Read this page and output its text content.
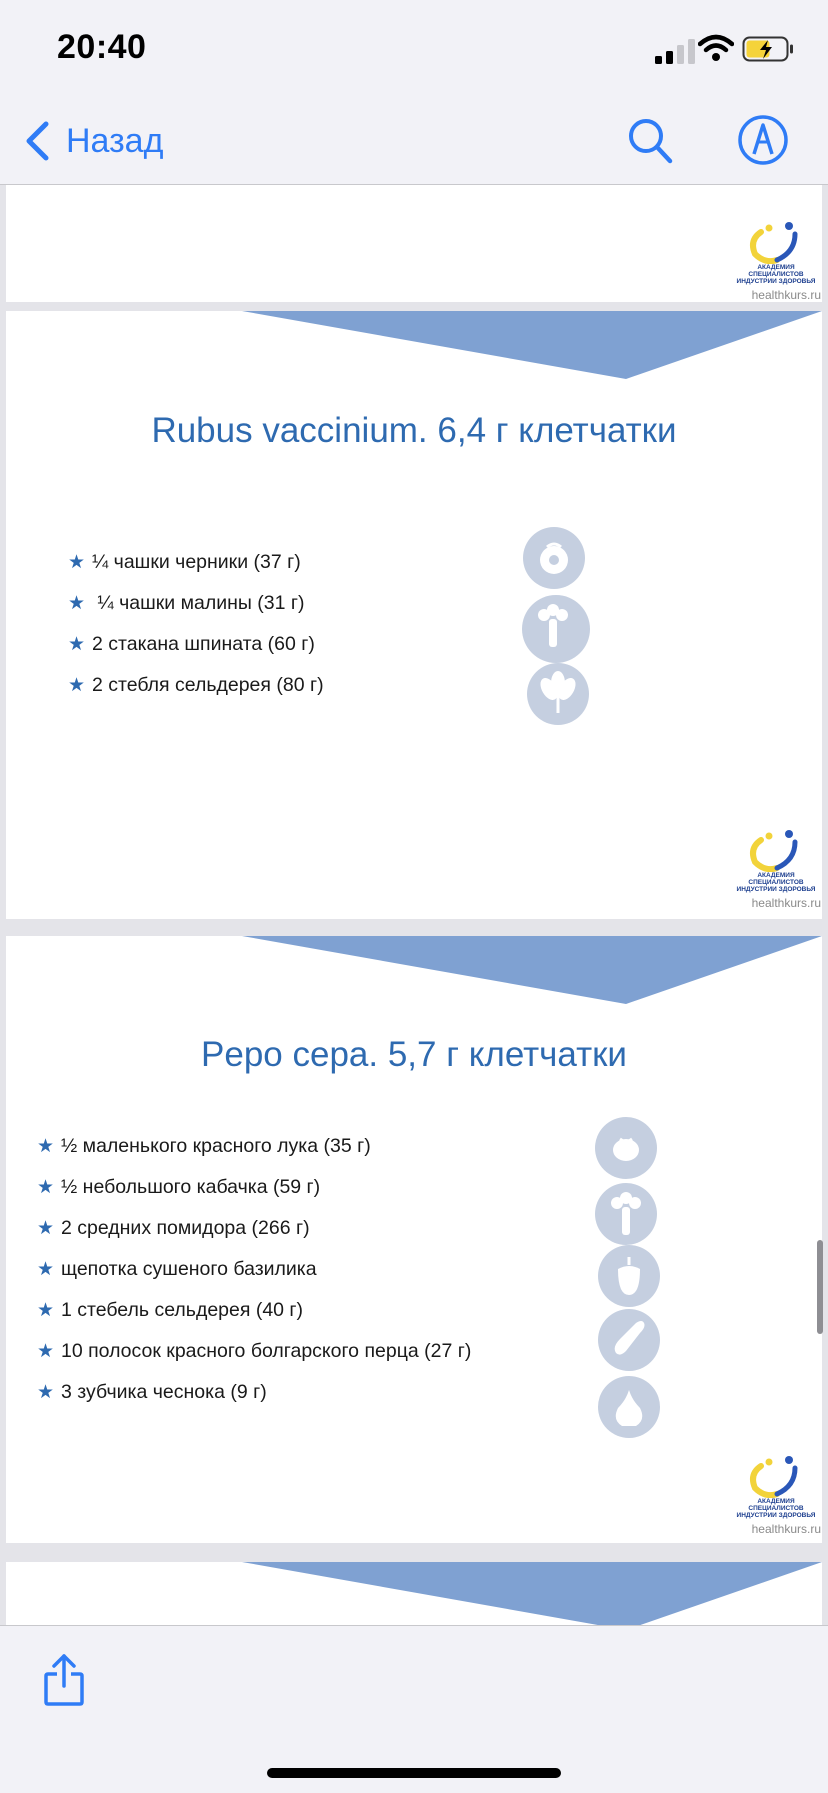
20:40
Назад
АКАДЕМИЯ СПЕЦИАЛИСТОВ
ИНДУСТРИИ ЗДОРОВЬЯ
healthkurs.ru
Rubus vaccinium. 6,4 г клетчатки
★ ¼ чашки черники (37 г)
★ ¼ чашки малины (31 г)
★ 2 стакана шпината (60 г)
★ 2 стебля сельдерея (80 г)
АКАДЕМИЯ СПЕЦИАЛИСТОВ
ИНДУСТРИИ ЗДОРОВЬЯ
healthkurs.ru
Pepo cepa. 5,7 г клетчатки
★ ½ маленького красного лука (35 г)
★ ½ небольшого кабачка (59 г)
★ 2 средних помидора (266 г)
★ щепотка сушеного базилика
★ 1 стебель сельдерея (40 г)
★ 10 полосок красного болгарского перца (27 г)
★ 3 зубчика чеснока (9 г)
АКАДЕМИЯ СПЕЦИАЛИСТОВ
ИНДУСТРИИ ЗДОРОВЬЯ
healthkurs.ru
